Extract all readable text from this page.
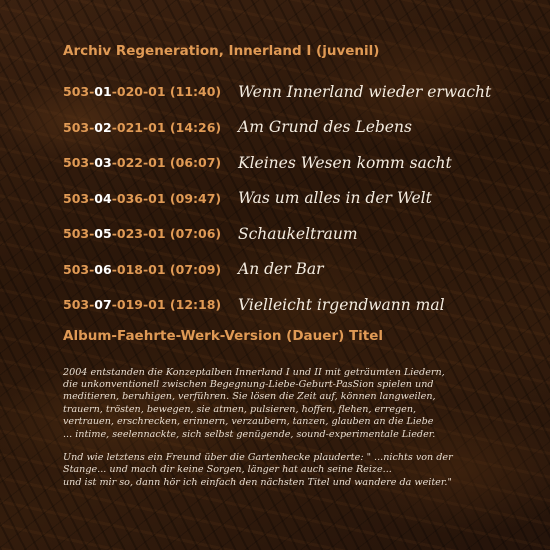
Archiv Regeneration, Innerland I (juvenil)
503-01-020-01 (11:40)	Wenn Innerland wieder erwacht
503-02-021-01 (14:26)	Am Grund des Lebens
503-03-022-01 (06:07)	Kleines Wesen komm sacht
503-04-036-01 (09:47)	Was um alles in der Welt
503-05-023-01 (07:06)	Schaukeltraum
503-06-018-01 (07:09)	An der Bar
503-07-019-01 (12:18)	Vielleicht irgendwann mal
Album-Faehrte-Werk-Version (Dauer) Titel

2004 entstanden die Konzeptalben Innerland I und II mit geträumten Liedern,
die unkonventionell zwischen Begegnung-Liebe-Geburt-PasSion spielen und
meditieren, beruhigen, verführen. Sie lösen die Zeit auf, können langweilen,
trauern, trösten, bewegen, sie atmen, pulsieren, hoffen, flehen, erregen,
vertrauen, erschrecken, erinnern, verzaubern, tanzen, glauben an die Liebe
... intime, seelennackte, sich selbst genügende, sound-experimentale Lieder.

Und wie letztens ein Freund über die Gartenhecke plauderte: " ...nichts von der
Stange... und mach dir keine Sorgen, länger hat auch seine Reize...
und ist mir so, dann hör ich einfach den nächsten Titel und wandere da weiter."
